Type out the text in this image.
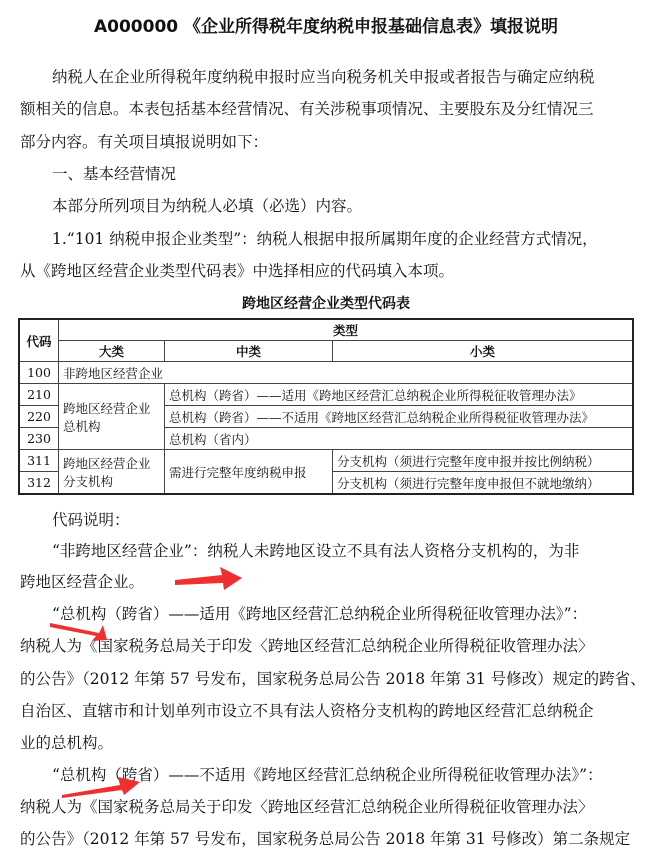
A000000 《企业所得税年度纳税申报基础信息表》填报说明
纳税人在企业所得税年度纳税申报时应当向税务机关申报或者报告与确定应纳税
额相关的信息。本表包括基本经营情况、有关涉税事项情况、主要股东及分红情况三
部分内容。有关项目填报说明如下：
一、基本经营情况
本部分所列项目为纳税人必填（必选）内容。
1.“101 纳税申报企业类型”：纳税人根据申报所属期年度的企业经营方式情况，
从《跨地区经营企业类型代码表》中选择相应的代码填入本项。
跨地区经营企业类型代码表
代码	类型		
	大类	中类	小类
100	非跨地区经营企业		
210	跨地区经营企业总机构	总机构（跨省）——适用《跨地区经营汇总纳税企业所得税征收管理办法》	
220		总机构（跨省）——不适用《跨地区经营汇总纳税企业所得税征收管理办法》	
230		总机构（省内）	
311	跨地区经营企业分支机构	需进行完整年度纳税申报	分支机构（须进行完整年度申报并按比例纳税）
312			分支机构（须进行完整年度申报但不就地缴纳）
代码说明：
“非跨地区经营企业”：纳税人未跨地区设立不具有法人资格分支机构的，为非
跨地区经营企业。
“总机构（跨省）——适用《跨地区经营汇总纳税企业所得税征收管理办法》”：
纳税人为《国家税务总局关于印发〈跨地区经营汇总纳税企业所得税征收管理办法〉
的公告》（2012 年第 57 号发布，国家税务总局公告 2018 年第 31 号修改）规定的跨省、
自治区、直辖市和计划单列市设立不具有法人资格分支机构的跨地区经营汇总纳税企
业的总机构。
“总机构（跨省）——不适用《跨地区经营汇总纳税企业所得税征收管理办法》”：
纳税人为《国家税务总局关于印发〈跨地区经营汇总纳税企业所得税征收管理办法〉
的公告》（2012 年第 57 号发布，国家税务总局公告 2018 年第 31 号修改）第二条规定
